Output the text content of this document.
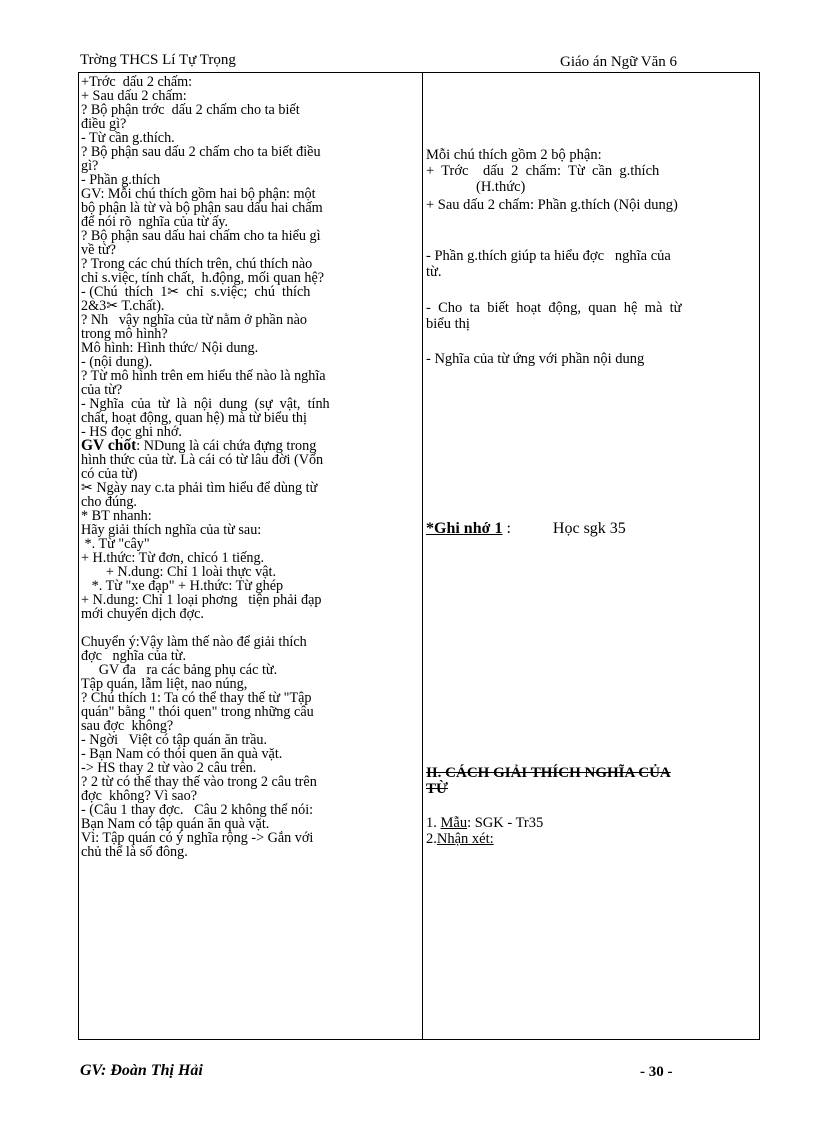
Trờng THCS Lí Tự Trọng	Giáo án Ngữ Văn 6
+Trớc  dấu 2 chấm:
+ Sau dấu 2 chấm:
? Bộ phận trớc  dấu 2 chấm cho ta biết
điều gì?
- Từ cần g.thích.
? Bộ phận sau dấu 2 chấm cho ta biết điều
gì?
- Phần g.thích
GV: Mỗi chú thích gồm hai bộ phận: một
bộ phận là từ và bộ phận sau dấu hai chấm
để nói rõ  nghĩa của từ ấy.
? Bộ phận sau dấu hai chấm cho ta hiểu gì
về từ?
? Trong các chú thích trên, chú thích nào
chỉ s.việc, tính chất,  h.động, mối quan hệ?
- (Chú  thích  1✂  chỉ  s.việc;  chú  thích
2&3✂ T.chất).
? Nh   vậy nghĩa của từ nằm ở phần nào
trong mô hình?
Mô hình: Hình thức/ Nội dung.
- (nội dung).
? Từ mô hình trên em hiểu thế nào là nghĩa
của từ?
- Nghĩa  của  từ  là  nội  dung  (sự  vật,  tính
chất, hoạt động, quan hệ) mà từ biểu thị
- HS đọc ghi nhớ.
GV chốt: NDung là cái chứa đựng trong
hình thức của từ. Là cái có từ lâu đời (Vốn
có của từ)
✂ Ngày nay c.ta phải tìm hiểu để dùng từ
cho đúng.
* BT nhanh:
Hãy giải thích nghĩa của từ sau:
*. Từ "cây"
+ H.thức: Từ đơn, chỉcó 1 tiếng.
+ N.dung: Chỉ 1 loài thực vật.
*. Từ "xe đạp" + H.thức: Từ ghép
+ N.dung: Chỉ 1 loại phơng   tiện phải đạp
mới chuyển dịch đợc.
Chuyển ý:Vậy làm thế nào để giải thích
đợc   nghĩa của từ.
GV đa   ra các bảng phụ các từ.
Tập quán, lẫm liệt, nao núng,
? Chú thích 1: Ta có thể thay thế từ "Tập
quán" bằng " thói quen" trong những câu
sau đợc  không?
- Ngời   Việt có tập quán ăn trầu.
- Bạn Nam có thói quen ăn quà vặt.
-> HS thay 2 từ vào 2 câu trên.
? 2 từ có thể thay thế vào trong 2 câu trên
đợc  không? Vì sao?
- (Câu 1 thay đợc.   Câu 2 không thể nói:
Bạn Nam có tập quán ăn quà vặt.
Vì: Tập quán có ý nghĩa rộng -> Gắn với
chủ thể là số đông.
Mỗi chú thích gồm 2 bộ phận:
+  Trớc    dấu  2  chấm:  Từ  cần  g.thích
(H.thức)
+ Sau dấu 2 chấm: Phần g.thích (Nội dung)
- Phần g.thích giúp ta hiểu đợc   nghĩa của
từ.
-  Cho  ta  biết  hoạt  động,  quan  hệ  mà  từ
biểu thị
- Nghĩa của từ ứng với phần nội dung
*Ghi nhớ 1 :	Học sgk 35
II. CÁCH GIẢI THÍCH NGHĨA CỦA
TỪ
1. Mẫu: SGK - Tr35
2.Nhận xét:
GV: Đoàn Thị Hải	- 30 -
